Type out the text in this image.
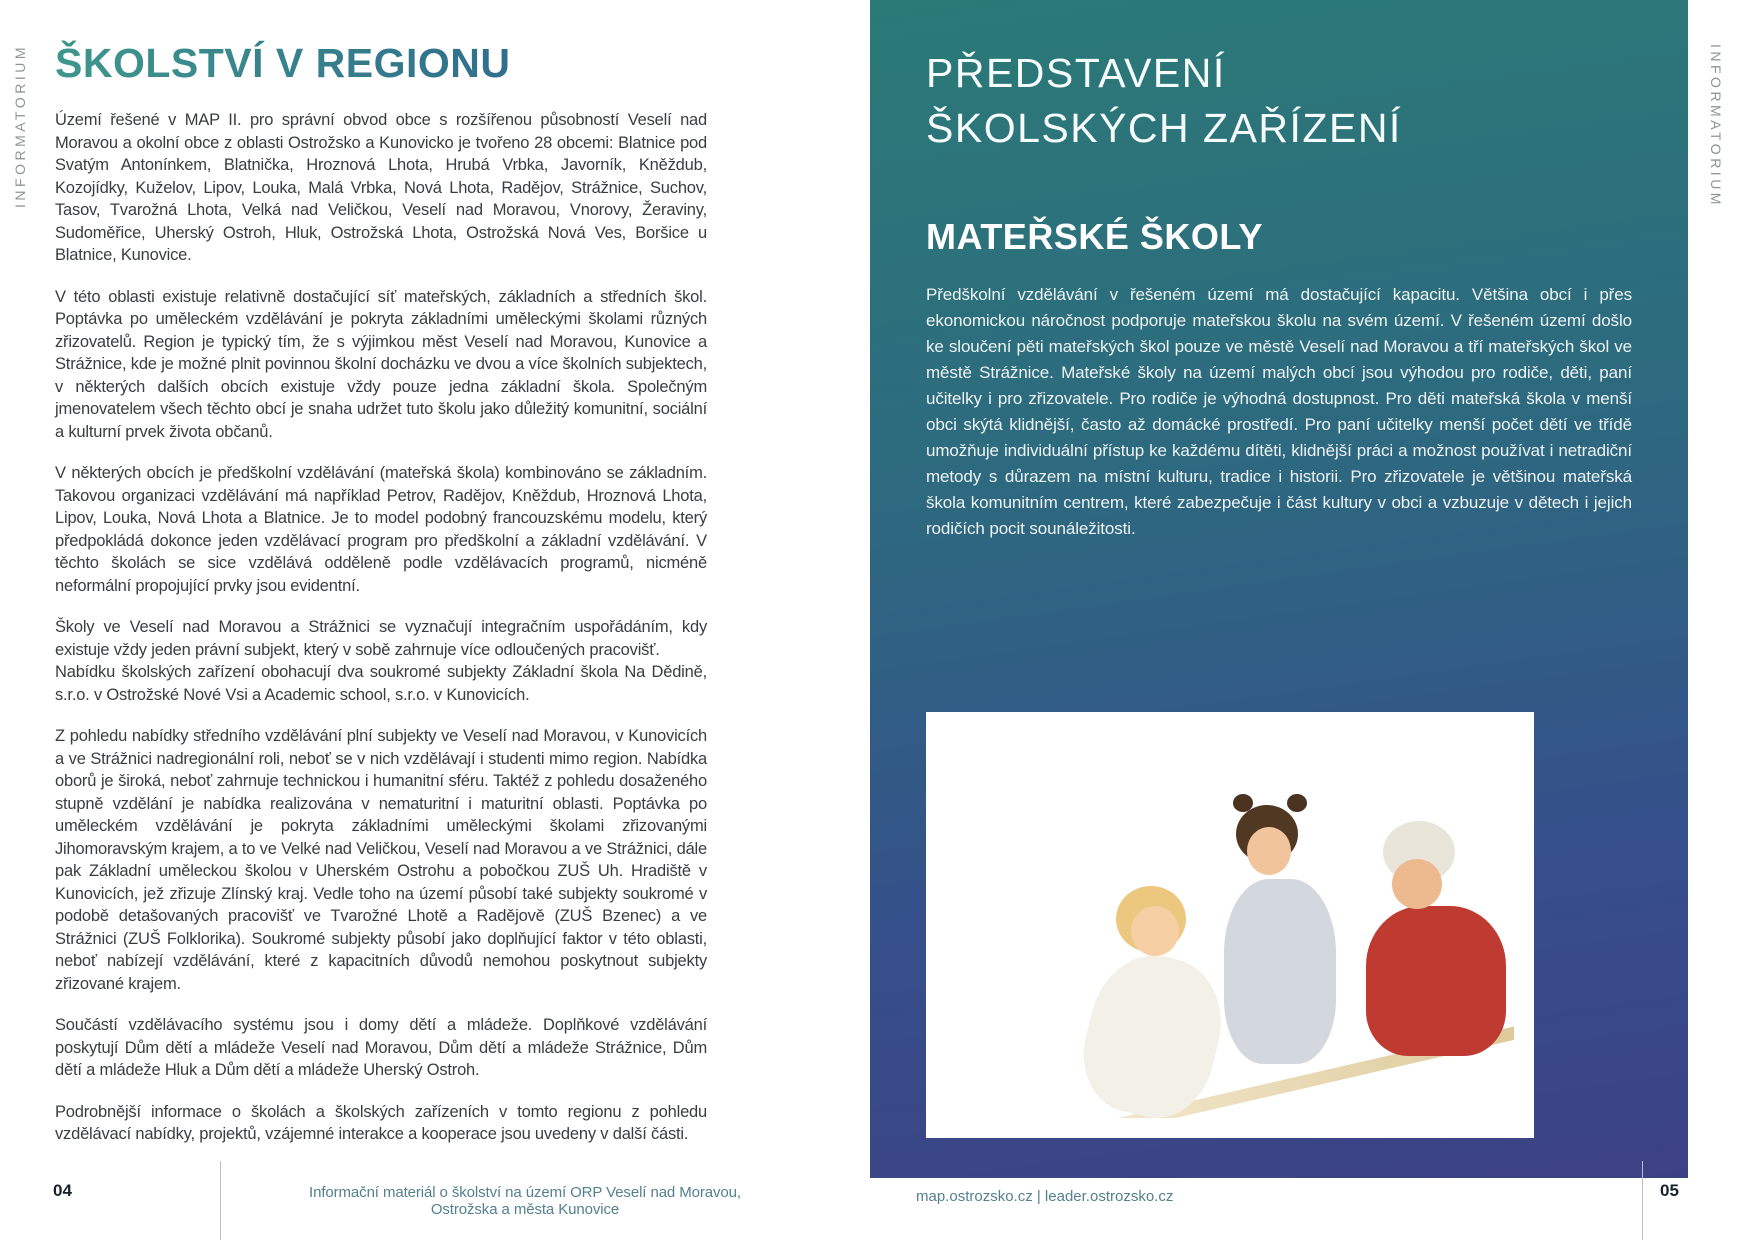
INFORMATORIUM ŠKOLSTVÍ V REGIONU

Území řešené v MAP II. pro správní obvod obce s rozšířenou působností Veselí nad Moravou a okolní obce z oblasti Ostrožsko a Kunovicko je tvořeno 28 obcemi: Blatnice pod Svatým Antonínkem, Blatnička, Hroznová Lhota, Hrubá Vrbka, Javorník, Kněždub, Kozojídky, Kuželov, Lipov, Louka, Malá Vrbka, Nová Lhota, Radějov, Strážnice, Suchov, Tasov, Tvarožná Lhota, Velká nad Veličkou, Veselí nad Moravou, Vnorovy, Žeraviny, Sudoměřice, Uherský Ostroh, Hluk, Ostrožská Lhota, Ostrožská Nová Ves, Boršice u Blatnice, Kunovice.

V této oblasti existuje relativně dostačující síť mateřských, základních a středních škol. Poptávka po uměleckém vzdělávání je pokryta základními uměleckými školami různých zřizovatelů. Region je typický tím, že s výjimkou měst Veselí nad Moravou, Kunovice a Strážnice, kde je možné plnit povinnou školní docházku ve dvou a více školních subjektech, v některých dalších obcích existuje vždy pouze jedna základní škola. Společným jmenovatelem všech těchto obcí je snaha udržet tuto školu jako důležitý komunitní, sociální a kulturní prvek života občanů.

V některých obcích je předškolní vzdělávání (mateřská škola) kombinováno se základním. Takovou organizaci vzdělávání má například Petrov, Radějov, Kněždub, Hroznová Lhota, Lipov, Louka, Nová Lhota a Blatnice. Je to model podobný francouzskému modelu, který předpokládá dokonce jeden vzdělávací program pro předškolní a základní vzdělávání. V těchto školách se sice vzdělává odděleně podle vzdělávacích programů, nicméně neformální propojující prvky jsou evidentní.

Školy ve Veselí nad Moravou a Strážnici se vyznačují integračním uspořádáním, kdy existuje vždy jeden právní subjekt, který v sobě zahrnuje více odloučených pracovišť.

Nabídku školských zařízení obohacují dva soukromé subjekty Základní škola Na Dědině, s.r.o. v Ostrožské Nové Vsi a Academic school, s.r.o. v Kunovicích.

Z pohledu nabídky středního vzdělávání plní subjekty ve Veselí nad Moravou, v Kunovicích a ve Strážnici nadregionální roli, neboť se v nich vzdělávají i studenti mimo region. Nabídka oborů je široká, neboť zahrnuje technickou i humanitní sféru. Taktéž z pohledu dosaženého stupně vzdělání je nabídka realizována v nematuritní i maturitní oblasti. Poptávka po uměleckém vzdělávání je pokryta základními uměleckými školami zřizovanými Jihomoravským krajem, a to ve Velké nad Veličkou, Veselí nad Moravou a ve Strážnici, dále pak Základní uměleckou školou v Uherském Ostrohu a pobočkou ZUŠ Uh. Hradiště v Kunovicích, jež zřizuje Zlínský kraj. Vedle toho na území působí také subjekty soukromé v podobě detašovaných pracovišť ve Tvarožné Lhotě a Radějově (ZUŠ Bzenec) a ve Strážnici (ZUŠ Folklorika). Soukromé subjekty působí jako doplňující faktor v této oblasti, neboť nabízejí vzdělávání, které z kapacitních důvodů nemohou poskytnout subjekty zřizované krajem.

Součástí vzdělávacího systému jsou i domy dětí a mládeže. Doplňkové vzdělávání poskytují Dům dětí a mládeže Veselí nad Moravou, Dům dětí a mládeže Strážnice, Dům dětí a mládeže Hluk a Dům dětí a mládeže Uherský Ostroh.

Podrobnější informace o školách a školských zařízeních v tomto regionu z pohledu vzdělávací nabídky, projektů, vzájemné interakce a kooperace jsou uvedeny v další části.

PŘEDSTAVENÍ
ŠKOLSKÝCH ZAŘÍZENÍ
MATEŘSKÉ ŠKOLY

Předškolní vzdělávání v řešeném území má dostačující kapacitu. Většina obcí i přes ekonomickou náročnost podporuje mateřskou školu na svém území. V řešeném území došlo ke sloučení pěti mateřských škol pouze ve městě Veselí nad Moravou a tří mateřských škol ve městě Strážnice. Mateřské školy na území malých obcí jsou výhodou pro rodiče, děti, paní učitelky i pro zřizovatele. Pro rodiče je výhodná dostupnost. Pro děti mateřská škola v menší obci skýtá klidnější, často až domácké prostředí. Pro paní učitelky menší počet dětí ve třídě umožňuje individuální přístup ke každému dítěti, klidnější práci a možnost používat i netradiční metody s důrazem na místní kulturu, tradice i historii. Pro zřizovatele je většinou mateřská škola komunitním centrem, které zabezpečuje i část kultury v obci a vzbuzuje v dětech i jejich rodičích pocit sounáležitosti.

INFORMATORIUM
04	Informační materiál o školství na území ORP Veselí nad Moravou, Ostrožska a města Kunovice
map.ostrozsko.cz | leader.ostrozsko.cz	05
